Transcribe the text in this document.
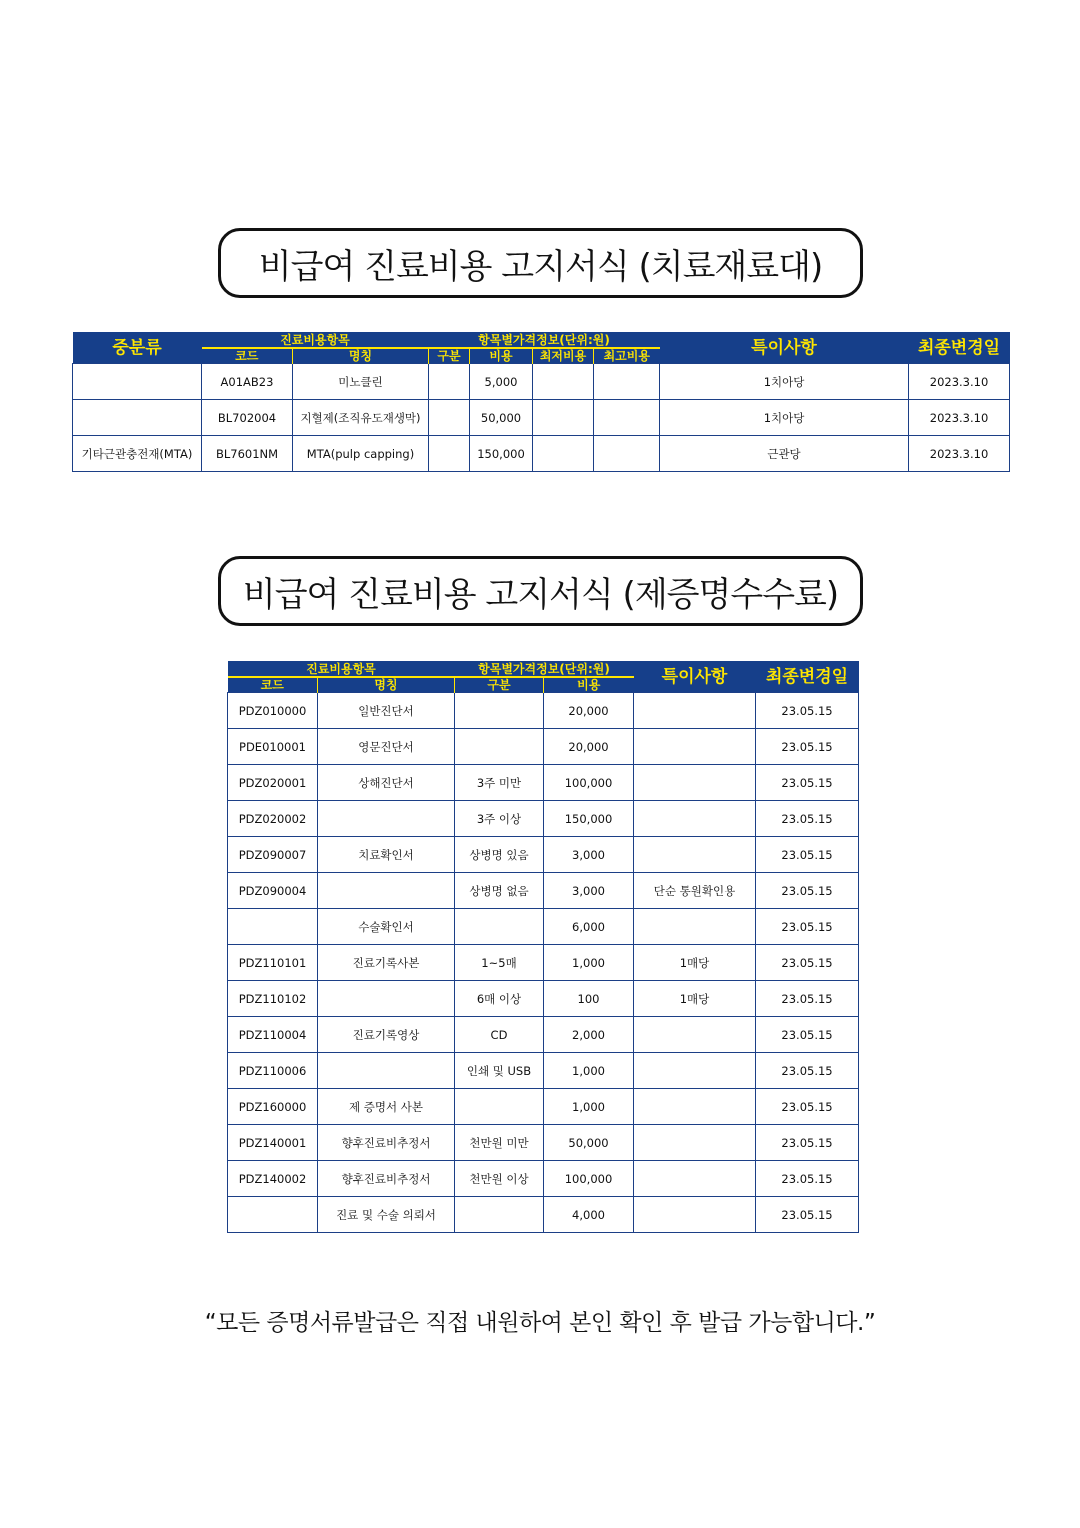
비급여 진료비용 고지서식 (치료재료대)
중분류	진료비용항목		항목별가격정보(단위:원)				특이사항	최종변경일
	코드	명칭	구분	비용	최저비용	최고비용		
	A01AB23	미노클린		5,000			1치아당	2023.3.10
	BL702004	지혈제(조직유도재생막)		50,000			1치아당	2023.3.10
기타근관충전재(MTA)	BL7601NM	MTA(pulp capping)		150,000			근관당	2023.3.10
비급여 진료비용 고지서식 (제증명수수료)
진료비용항목		항목별가격정보(단위:원)		특이사항	최종변경일
코드	명칭	구분	비용		
PDZ010000	일반진단서		20,000		23.05.15
PDE010001	영문진단서		20,000		23.05.15
PDZ020001	상해진단서	3주 미만	100,000		23.05.15
PDZ020002		3주 이상	150,000		23.05.15
PDZ090007	치료확인서	상병명 있음	3,000		23.05.15
PDZ090004		상병명 없음	3,000	단순 통원확인용	23.05.15
	수술확인서		6,000		23.05.15
PDZ110101	진료기록사본	1~5매	1,000	1매당	23.05.15
PDZ110102		6매 이상	100	1매당	23.05.15
PDZ110004	진료기록영상	CD	2,000		23.05.15
PDZ110006		인쇄 및 USB	1,000		23.05.15
PDZ160000	제 증명서 사본		1,000		23.05.15
PDZ140001	향후진료비추정서	천만원 미만	50,000		23.05.15
PDZ140002	향후진료비추정서	천만원 이상	100,000		23.05.15
	진료 및 수술 의뢰서		4,000		23.05.15
“모든 증명서류발급은 직접 내원하여 본인 확인 후 발급 가능합니다.”
